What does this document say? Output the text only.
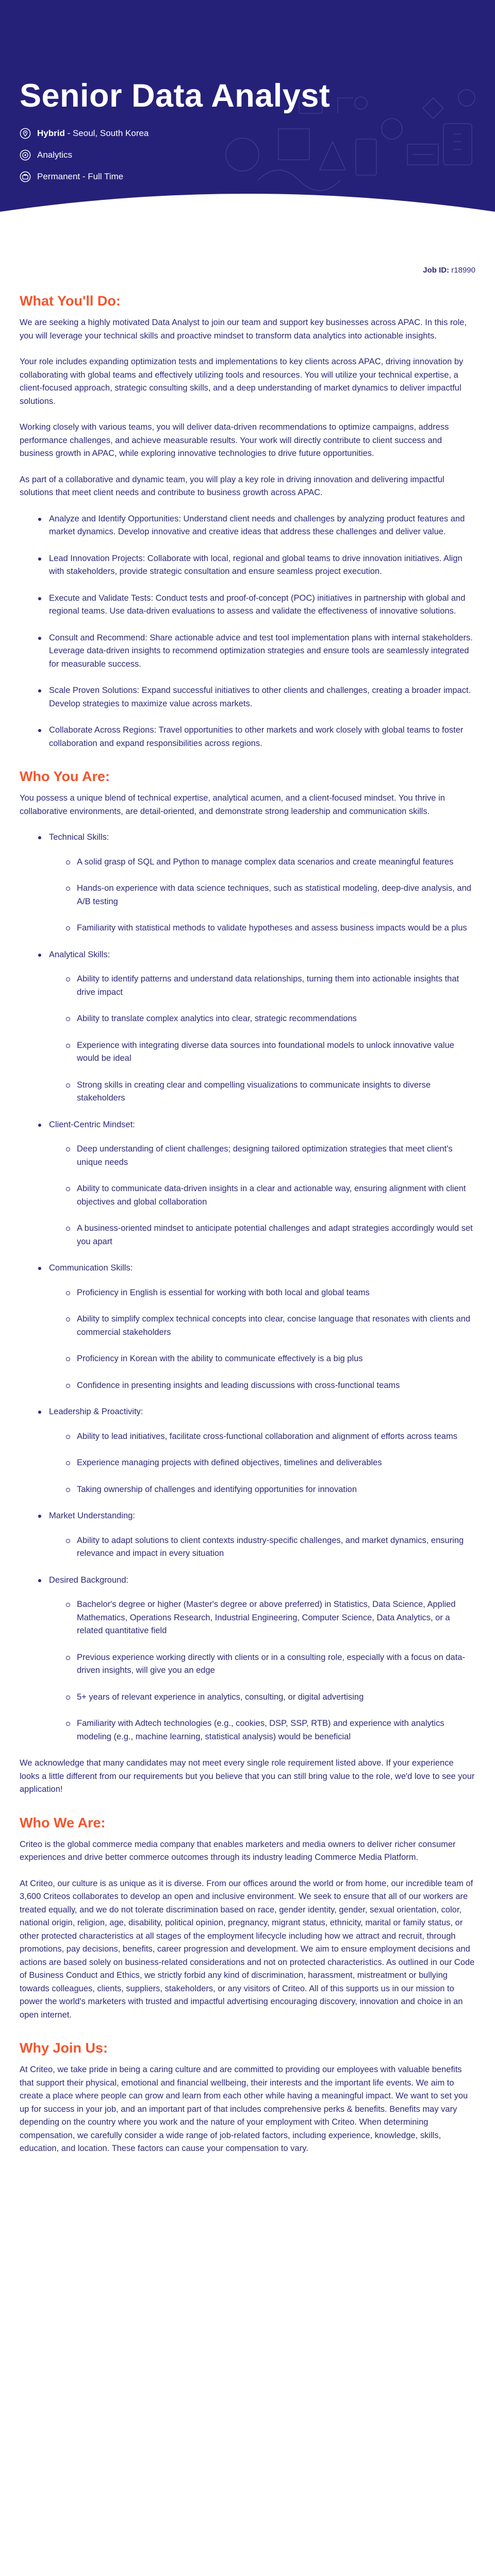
Senior Data Analyst
Hybrid - Seoul, South Korea
Analytics
Permanent - Full Time
Job ID: r18990
What You'll Do:

We are seeking a highly motivated Data Analyst to join our team and support key businesses across APAC. In this role, you will leverage your technical skills and proactive mindset to transform data analytics into actionable insights.

Your role includes expanding optimization tests and implementations to key clients across APAC, driving innovation by collaborating with global teams and effectively utilizing tools and resources. You will utilize your technical expertise, a client-focused approach, strategic consulting skills, and a deep understanding of market dynamics to deliver impactful solutions.

Working closely with various teams, you will deliver data-driven recommendations to optimize campaigns, address performance challenges, and achieve measurable results. Your work will directly contribute to client success and business growth in APAC, while exploring innovative technologies to drive future opportunities.

As part of a collaborative and dynamic team, you will play a key role in driving innovation and delivering impactful solutions that meet client needs and contribute to business growth across APAC.

Analyze and Identify Opportunities: Understand client needs and challenges by analyzing product features and market dynamics. Develop innovative and creative ideas that address these challenges and deliver value.
Lead Innovation Projects: Collaborate with local, regional and global teams to drive innovation initiatives. Align with stakeholders, provide strategic consultation and ensure seamless project execution.
Execute and Validate Tests: Conduct tests and proof-of-concept (POC) initiatives in partnership with global and regional teams. Use data-driven evaluations to assess and validate the effectiveness of innovative solutions.
Consult and Recommend: Share actionable advice and test tool implementation plans with internal stakeholders. Leverage data-driven insights to recommend optimization strategies and ensure tools are seamlessly integrated for measurable success.
Scale Proven Solutions: Expand successful initiatives to other clients and challenges, creating a broader impact. Develop strategies to maximize value across markets.
Collaborate Across Regions: Travel opportunities to other markets and work closely with global teams to foster collaboration and expand responsibilities across regions.
Who You Are:

You possess a unique blend of technical expertise, analytical acumen, and a client-focused mindset. You thrive in collaborative environments, are detail-oriented, and demonstrate strong leadership and communication skills.

Technical Skills:
A solid grasp of SQL and Python to manage complex data scenarios and create meaningful features
Hands-on experience with data science techniques, such as statistical modeling, deep-dive analysis, and A/B testing
Familiarity with statistical methods to validate hypotheses and assess business impacts would be a plus
Analytical Skills:
Ability to identify patterns and understand data relationships, turning them into actionable insights that drive impact
Ability to translate complex analytics into clear, strategic recommendations
Experience with integrating diverse data sources into foundational models to unlock innovative value would be ideal
Strong skills in creating clear and compelling visualizations to communicate insights to diverse stakeholders
Client-Centric Mindset:
Deep understanding of client challenges; designing tailored optimization strategies that meet client's unique needs
Ability to communicate data-driven insights in a clear and actionable way, ensuring alignment with client objectives and global collaboration
A business-oriented mindset to anticipate potential challenges and adapt strategies accordingly would set you apart
Communication Skills:
Proficiency in English is essential for working with both local and global teams
Ability to simplify complex technical concepts into clear, concise language that resonates with clients and commercial stakeholders
Proficiency in Korean with the ability to communicate effectively is a big plus
Confidence in presenting insights and leading discussions with cross-functional teams
Leadership & Proactivity:
Ability to lead initiatives, facilitate cross-functional collaboration and alignment of efforts across teams
Experience managing projects with defined objectives, timelines and deliverables
Taking ownership of challenges and identifying opportunities for innovation
Market Understanding:
Ability to adapt solutions to client contexts industry-specific challenges, and market dynamics, ensuring relevance and impact in every situation
Desired Background:
Bachelor's degree or higher (Master's degree or above preferred) in Statistics, Data Science, Applied Mathematics, Operations Research, Industrial Engineering, Computer Science, Data Analytics, or a related quantitative field
Previous experience working directly with clients or in a consulting role, especially with a focus on data-driven insights, will give you an edge
5+ years of relevant experience in analytics, consulting, or digital advertising
Familiarity with Adtech technologies (e.g., cookies, DSP, SSP, RTB) and experience with analytics modeling (e.g., machine learning, statistical analysis) would be beneficial

We acknowledge that many candidates may not meet every single role requirement listed above. If your experience looks a little different from our requirements but you believe that you can still bring value to the role, we'd love to see your application!

Who We Are:

Criteo is the global commerce media company that enables marketers and media owners to deliver richer consumer experiences and drive better commerce outcomes through its industry leading Commerce Media Platform.

At Criteo, our culture is as unique as it is diverse. From our offices around the world or from home, our incredible team of 3,600 Criteos collaborates to develop an open and inclusive environment. We seek to ensure that all of our workers are treated equally, and we do not tolerate discrimination based on race, gender identity, gender, sexual orientation, color, national origin, religion, age, disability, political opinion, pregnancy, migrant status, ethnicity, marital or family status, or other protected characteristics at all stages of the employment lifecycle including how we attract and recruit, through promotions, pay decisions, benefits, career progression and development. We aim to ensure employment decisions and actions are based solely on business-related considerations and not on protected characteristics. As outlined in our Code of Business Conduct and Ethics, we strictly forbid any kind of discrimination, harassment, mistreatment or bullying towards colleagues, clients, suppliers, stakeholders, or any visitors of Criteo. All of this supports us in our mission to power the world's marketers with trusted and impactful advertising encouraging discovery, innovation and choice in an open internet.

Why Join Us:

At Criteo, we take pride in being a caring culture and are committed to providing our employees with valuable benefits that support their physical, emotional and financial wellbeing, their interests and the important life events. We aim to create a place where people can grow and learn from each other while having a meaningful impact. We want to set you up for success in your job, and an important part of that includes comprehensive perks & benefits. Benefits may vary depending on the country where you work and the nature of your employment with Criteo. When determining compensation, we carefully consider a wide range of job-related factors, including experience, knowledge, skills, education, and location. These factors can cause your compensation to vary.
